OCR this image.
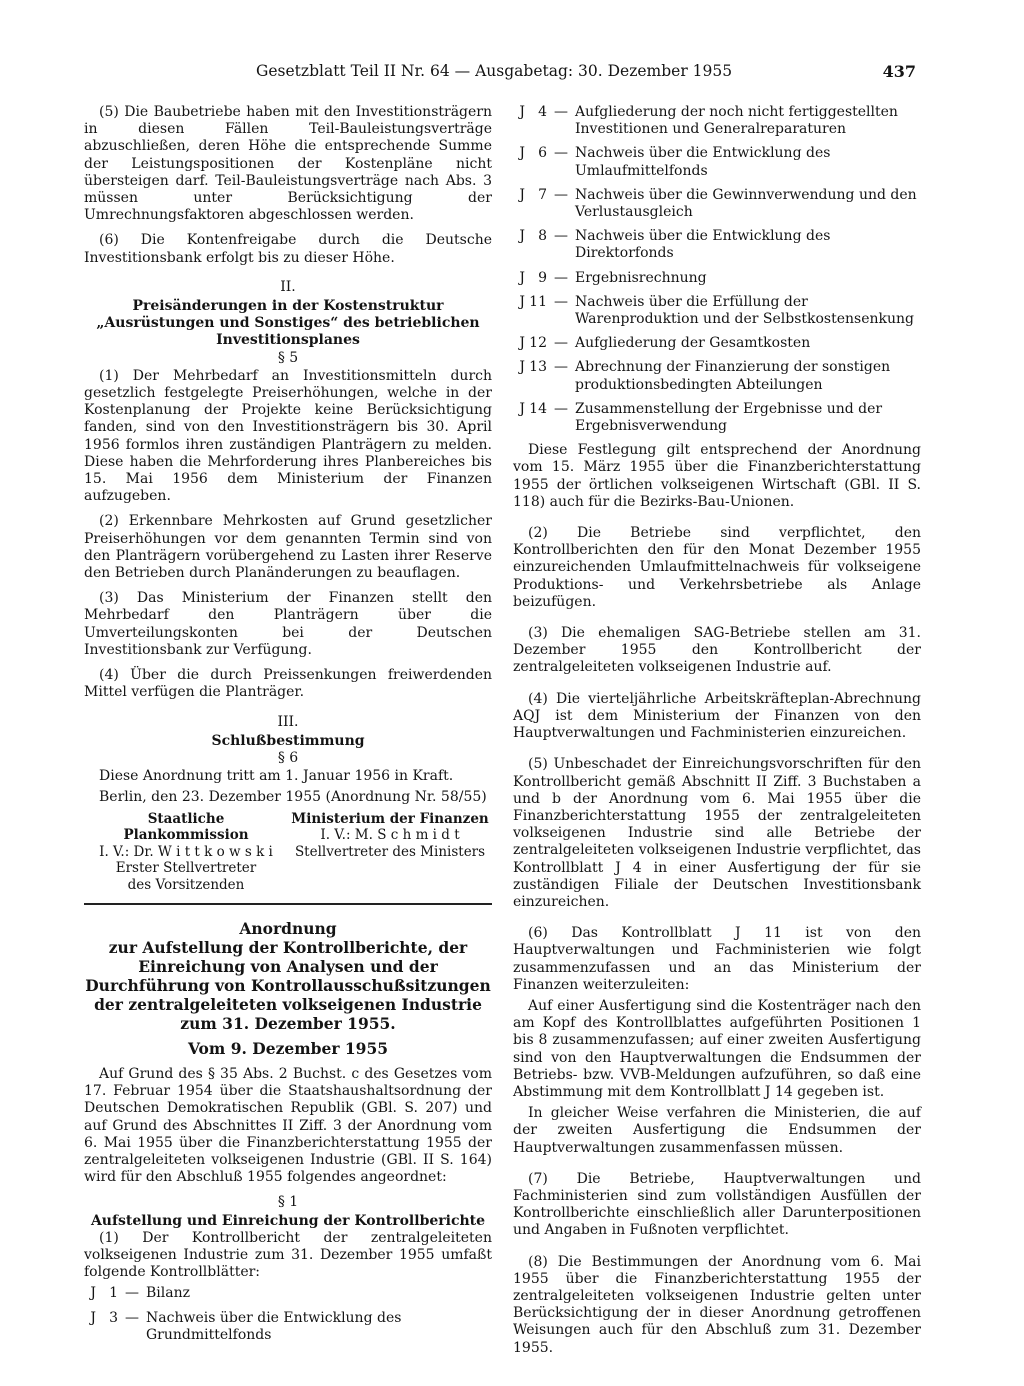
Gesetzblatt Teil II Nr. 64 — Ausgabetag: 30. Dezember 1955	437

(5) Die Baubetriebe haben mit den Investitionsträgern in diesen Fällen Teil-Bauleistungsverträge abzuschließen, deren Höhe die entsprechende Summe der Leistungspositionen der Kostenpläne nicht übersteigen darf. Teil-Bauleistungsverträge nach Abs. 3 müssen unter Berücksichtigung der Umrechnungsfaktoren abgeschlossen werden.

(6) Die Kontenfreigabe durch die Deutsche Investitionsbank erfolgt bis zu dieser Höhe.

II.

Preisänderungen in der Kostenstruktur „Ausrüstungen und Sonstiges“ des betrieblichen Investitionsplanes

§ 5

(1) Der Mehrbedarf an Investitionsmitteln durch gesetzlich festgelegte Preiserhöhungen, welche in der Kostenplanung der Projekte keine Berücksichtigung fanden, sind von den Investitionsträgern bis 30. April 1956 formlos ihren zuständigen Planträgern zu melden. Diese haben die Mehrforderung ihres Planbereiches bis 15. Mai 1956 dem Ministerium der Finanzen aufzugeben.

(2) Erkennbare Mehrkosten auf Grund gesetzlicher Preiserhöhungen vor dem genannten Termin sind von den Planträgern vorübergehend zu Lasten ihrer Reserve den Betrieben durch Planänderungen zu beauflagen.

(3) Das Ministerium der Finanzen stellt den Mehrbedarf den Planträgern über die Umverteilungskonten bei der Deutschen Investitionsbank zur Verfügung.

(4) Über die durch Preissenkungen freiwerdenden Mittel verfügen die Planträger.

III.

Schlußbestimmung

§ 6

Diese Anordnung tritt am 1. Januar 1956 in Kraft.

Berlin, den 23. Dezember 1955 (Anordnung Nr. 58/55)

Staatliche Plankommission
I. V.: Dr. W i t t k o w s k i
Erster Stellvertreter
des Vorsitzenden
Ministerium der Finanzen
I. V.: M. S c h m i d t
Stellvertreter des Ministers

Anordnung

zur Aufstellung der Kontrollberichte, der Einreichung von Analysen und der Durchführung von Kontrollausschußsitzungen der zentralgeleiteten volkseigenen Industrie zum 31. Dezember 1955.

Vom 9. Dezember 1955

Auf Grund des § 35 Abs. 2 Buchst. c des Gesetzes vom 17. Februar 1954 über die Staatshaushaltsordnung der Deutschen Demokratischen Republik (GBl. S. 207) und auf Grund des Abschnittes II Ziff. 3 der Anordnung vom 6. Mai 1955 über die Finanzberichterstattung 1955 der zentralgeleiteten volkseigenen Industrie (GBl. II S. 164) wird für den Abschluß 1955 folgendes angeordnet:

§ 1

Aufstellung und Einreichung der Kontrollberichte

(1) Der Kontrollbericht der zentralgeleiteten volkseigenen Industrie zum 31. Dezember 1955 umfaßt folgende Kontrollblätter:

J 1 — Bilanz
J 3 — Nachweis über die Entwicklung des Grundmittelfonds
J 4 — Aufgliederung der noch nicht fertiggestellten Investitionen und Generalreparaturen
J 6 — Nachweis über die Entwicklung des Umlaufmittelfonds
J 7 — Nachweis über die Gewinnverwendung und den Verlustausgleich
J 8 — Nachweis über die Entwicklung des Direktorfonds
J 9 — Ergebnisrechnung
J 11 — Nachweis über die Erfüllung der Warenproduktion und der Selbstkostensenkung
J 12 — Aufgliederung der Gesamtkosten
J 13 — Abrechnung der Finanzierung der sonstigen produktionsbedingten Abteilungen
J 14 — Zusammenstellung der Ergebnisse und der Ergebnisverwendung

Diese Festlegung gilt entsprechend der Anordnung vom 15. März 1955 über die Finanzberichterstattung 1955 der örtlichen volkseigenen Wirtschaft (GBl. II S. 118) auch für die Bezirks-Bau-Unionen.

(2) Die Betriebe sind verpflichtet, den Kontrollberichten den für den Monat Dezember 1955 einzureichenden Umlaufmittelnachweis für volkseigene Produktions- und Verkehrsbetriebe als Anlage beizufügen.

(3) Die ehemaligen SAG-Betriebe stellen am 31. Dezember 1955 den Kontrollbericht der zentralgeleiteten volkseigenen Industrie auf.

(4) Die vierteljährliche Arbeitskräfteplan-Abrechnung AQJ ist dem Ministerium der Finanzen von den Hauptverwaltungen und Fachministerien einzureichen.

(5) Unbeschadet der Einreichungsvorschriften für den Kontrollbericht gemäß Abschnitt II Ziff. 3 Buchstaben a und b der Anordnung vom 6. Mai 1955 über die Finanzberichterstattung 1955 der zentralgeleiteten volkseigenen Industrie sind alle Betriebe der zentralgeleiteten volkseigenen Industrie verpflichtet, das Kontrollblatt J 4 in einer Ausfertigung der für sie zuständigen Filiale der Deutschen Investitionsbank einzureichen.

(6) Das Kontrollblatt J 11 ist von den Hauptverwaltungen und Fachministerien wie folgt zusammenzufassen und an das Ministerium der Finanzen weiterzuleiten:

Auf einer Ausfertigung sind die Kostenträger nach den am Kopf des Kontrollblattes aufgeführten Positionen 1 bis 8 zusammenzufassen; auf einer zweiten Ausfertigung sind von den Hauptverwaltungen die Endsummen der Betriebs- bzw. VVB-Meldungen aufzuführen, so daß eine Abstimmung mit dem Kontrollblatt J 14 gegeben ist.

In gleicher Weise verfahren die Ministerien, die auf der zweiten Ausfertigung die Endsummen der Hauptverwaltungen zusammenfassen müssen.

(7) Die Betriebe, Hauptverwaltungen und Fachministerien sind zum vollständigen Ausfüllen der Kontrollberichte einschließlich aller Darunterpositionen und Angaben in Fußnoten verpflichtet.

(8) Die Bestimmungen der Anordnung vom 6. Mai 1955 über die Finanzberichterstattung 1955 der zentralgeleiteten volkseigenen Industrie gelten unter Berücksichtigung der in dieser Anordnung getroffenen Weisungen auch für den Abschluß zum 31. Dezember 1955.
